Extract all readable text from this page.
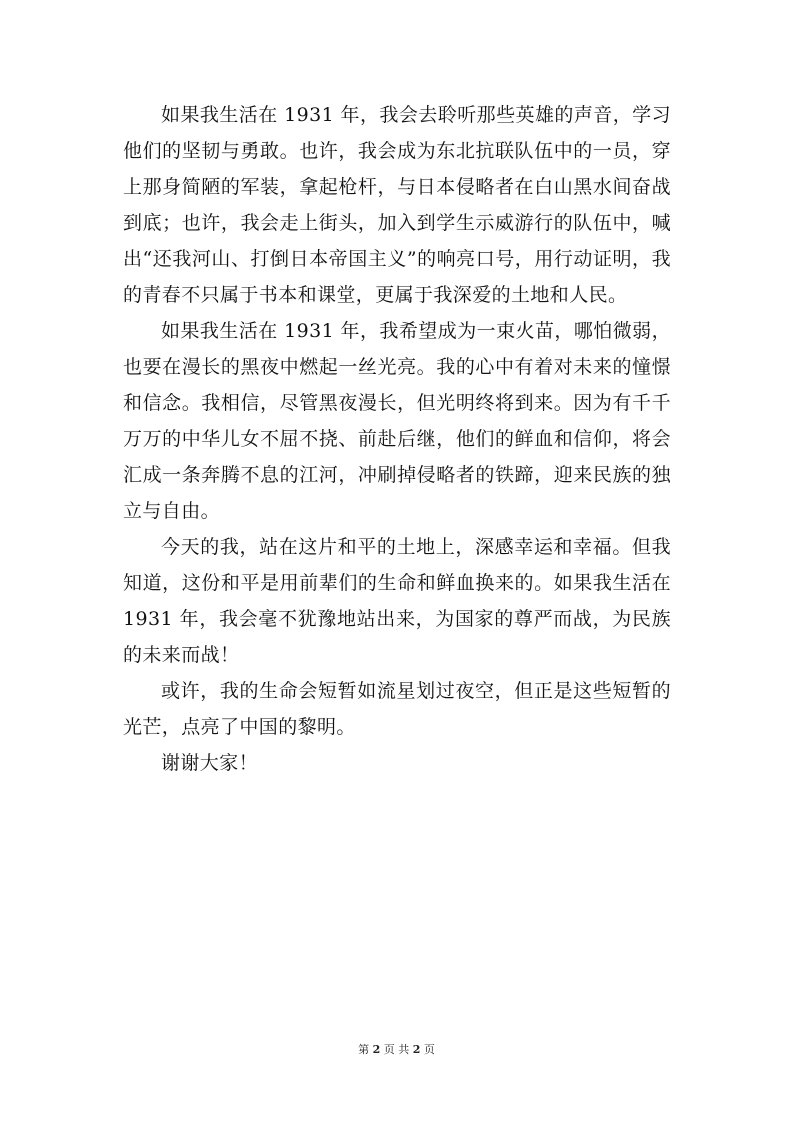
如果我生活在 1931 年，我会去聆听那些英雄的声音，学习他们的坚韧与勇敢。也许，我会成为东北抗联队伍中的一员，穿上那身简陋的军装，拿起枪杆，与日本侵略者在白山黑水间奋战到底；也许，我会走上街头，加入到学生示威游行的队伍中，喊出“还我河山、打倒日本帝国主义”的响亮口号，用行动证明，我的青春不只属于书本和课堂，更属于我深爱的土地和人民。

如果我生活在 1931 年，我希望成为一束火苗，哪怕微弱，也要在漫长的黑夜中燃起一丝光亮。我的心中有着对未来的憧憬和信念。我相信，尽管黑夜漫长，但光明终将到来。因为有千千万万的中华儿女不屈不挠、前赴后继，他们的鲜血和信仰，将会汇成一条奔腾不息的江河，冲刷掉侵略者的铁蹄，迎来民族的独立与自由。

今天的我，站在这片和平的土地上，深感幸运和幸福。但我知道，这份和平是用前辈们的生命和鲜血换来的。如果我生活在 1931 年，我会毫不犹豫地站出来，为国家的尊严而战，为民族的未来而战！

或许，我的生命会短暂如流星划过夜空，但正是这些短暂的光芒，点亮了中国的黎明。

谢谢大家！

第 2 页 共 2 页
